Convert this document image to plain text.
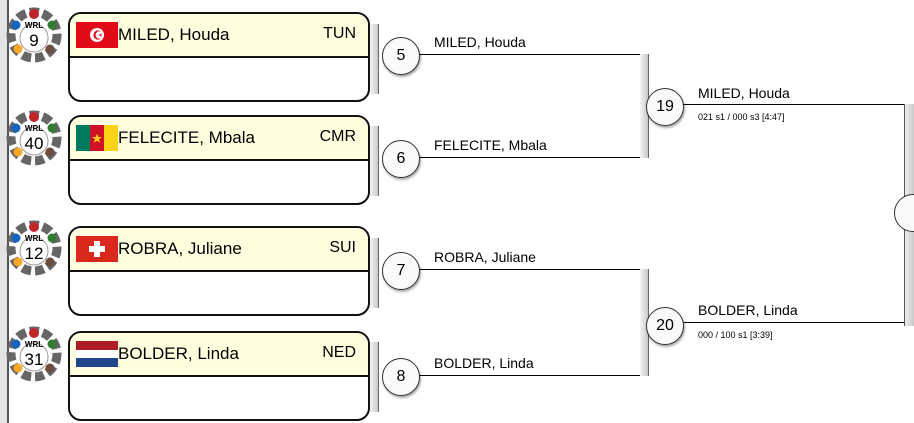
WRL
9	MILED, Houda	TUN
WRL
40	FELECITE, Mbala	CMR
WRL
12	ROBRA, Juliane	SUI
WRL
31	BOLDER, Linda	NED
5
6
7
8
MILED, Houda
FELECITE, Mbala
ROBRA, Juliane
BOLDER, Linda
19
20
MILED, Houda
021 s1 / 000 s3 [4:47]
BOLDER, Linda
000 / 100 s1 [3:39]
